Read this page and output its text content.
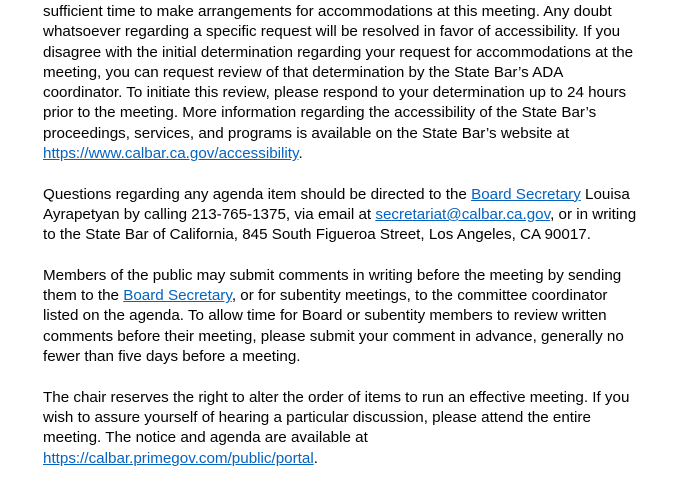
sufficient time to make arrangements for accommodations at this meeting. Any doubt
whatsoever regarding a specific request will be resolved in favor of accessibility. If you
disagree with the initial determination regarding your request for accommodations at the
meeting, you can request review of that determination by the State Bar’s ADA
coordinator. To initiate this review, please respond to your determination up to 24 hours
prior to the meeting. More information regarding the accessibility of the State Bar’s
proceedings, services, and programs is available on the State Bar’s website at
https://www.calbar.ca.gov/accessibility.

Questions regarding any agenda item should be directed to the Board Secretary Louisa
Ayrapetyan by calling 213-765-1375, via email at secretariat@calbar.ca.gov, or in writing
to the State Bar of California, 845 South Figueroa Street, Los Angeles, CA 90017.

Members of the public may submit comments in writing before the meeting by sending
them to the Board Secretary, or for subentity meetings, to the committee coordinator
listed on the agenda. To allow time for Board or subentity members to review written
comments before their meeting, please submit your comment in advance, generally no
fewer than five days before a meeting.

The chair reserves the right to alter the order of items to run an effective meeting. If you
wish to assure yourself of hearing a particular discussion, please attend the entire
meeting. The notice and agenda are available at
https://calbar.primegov.com/public/portal.
